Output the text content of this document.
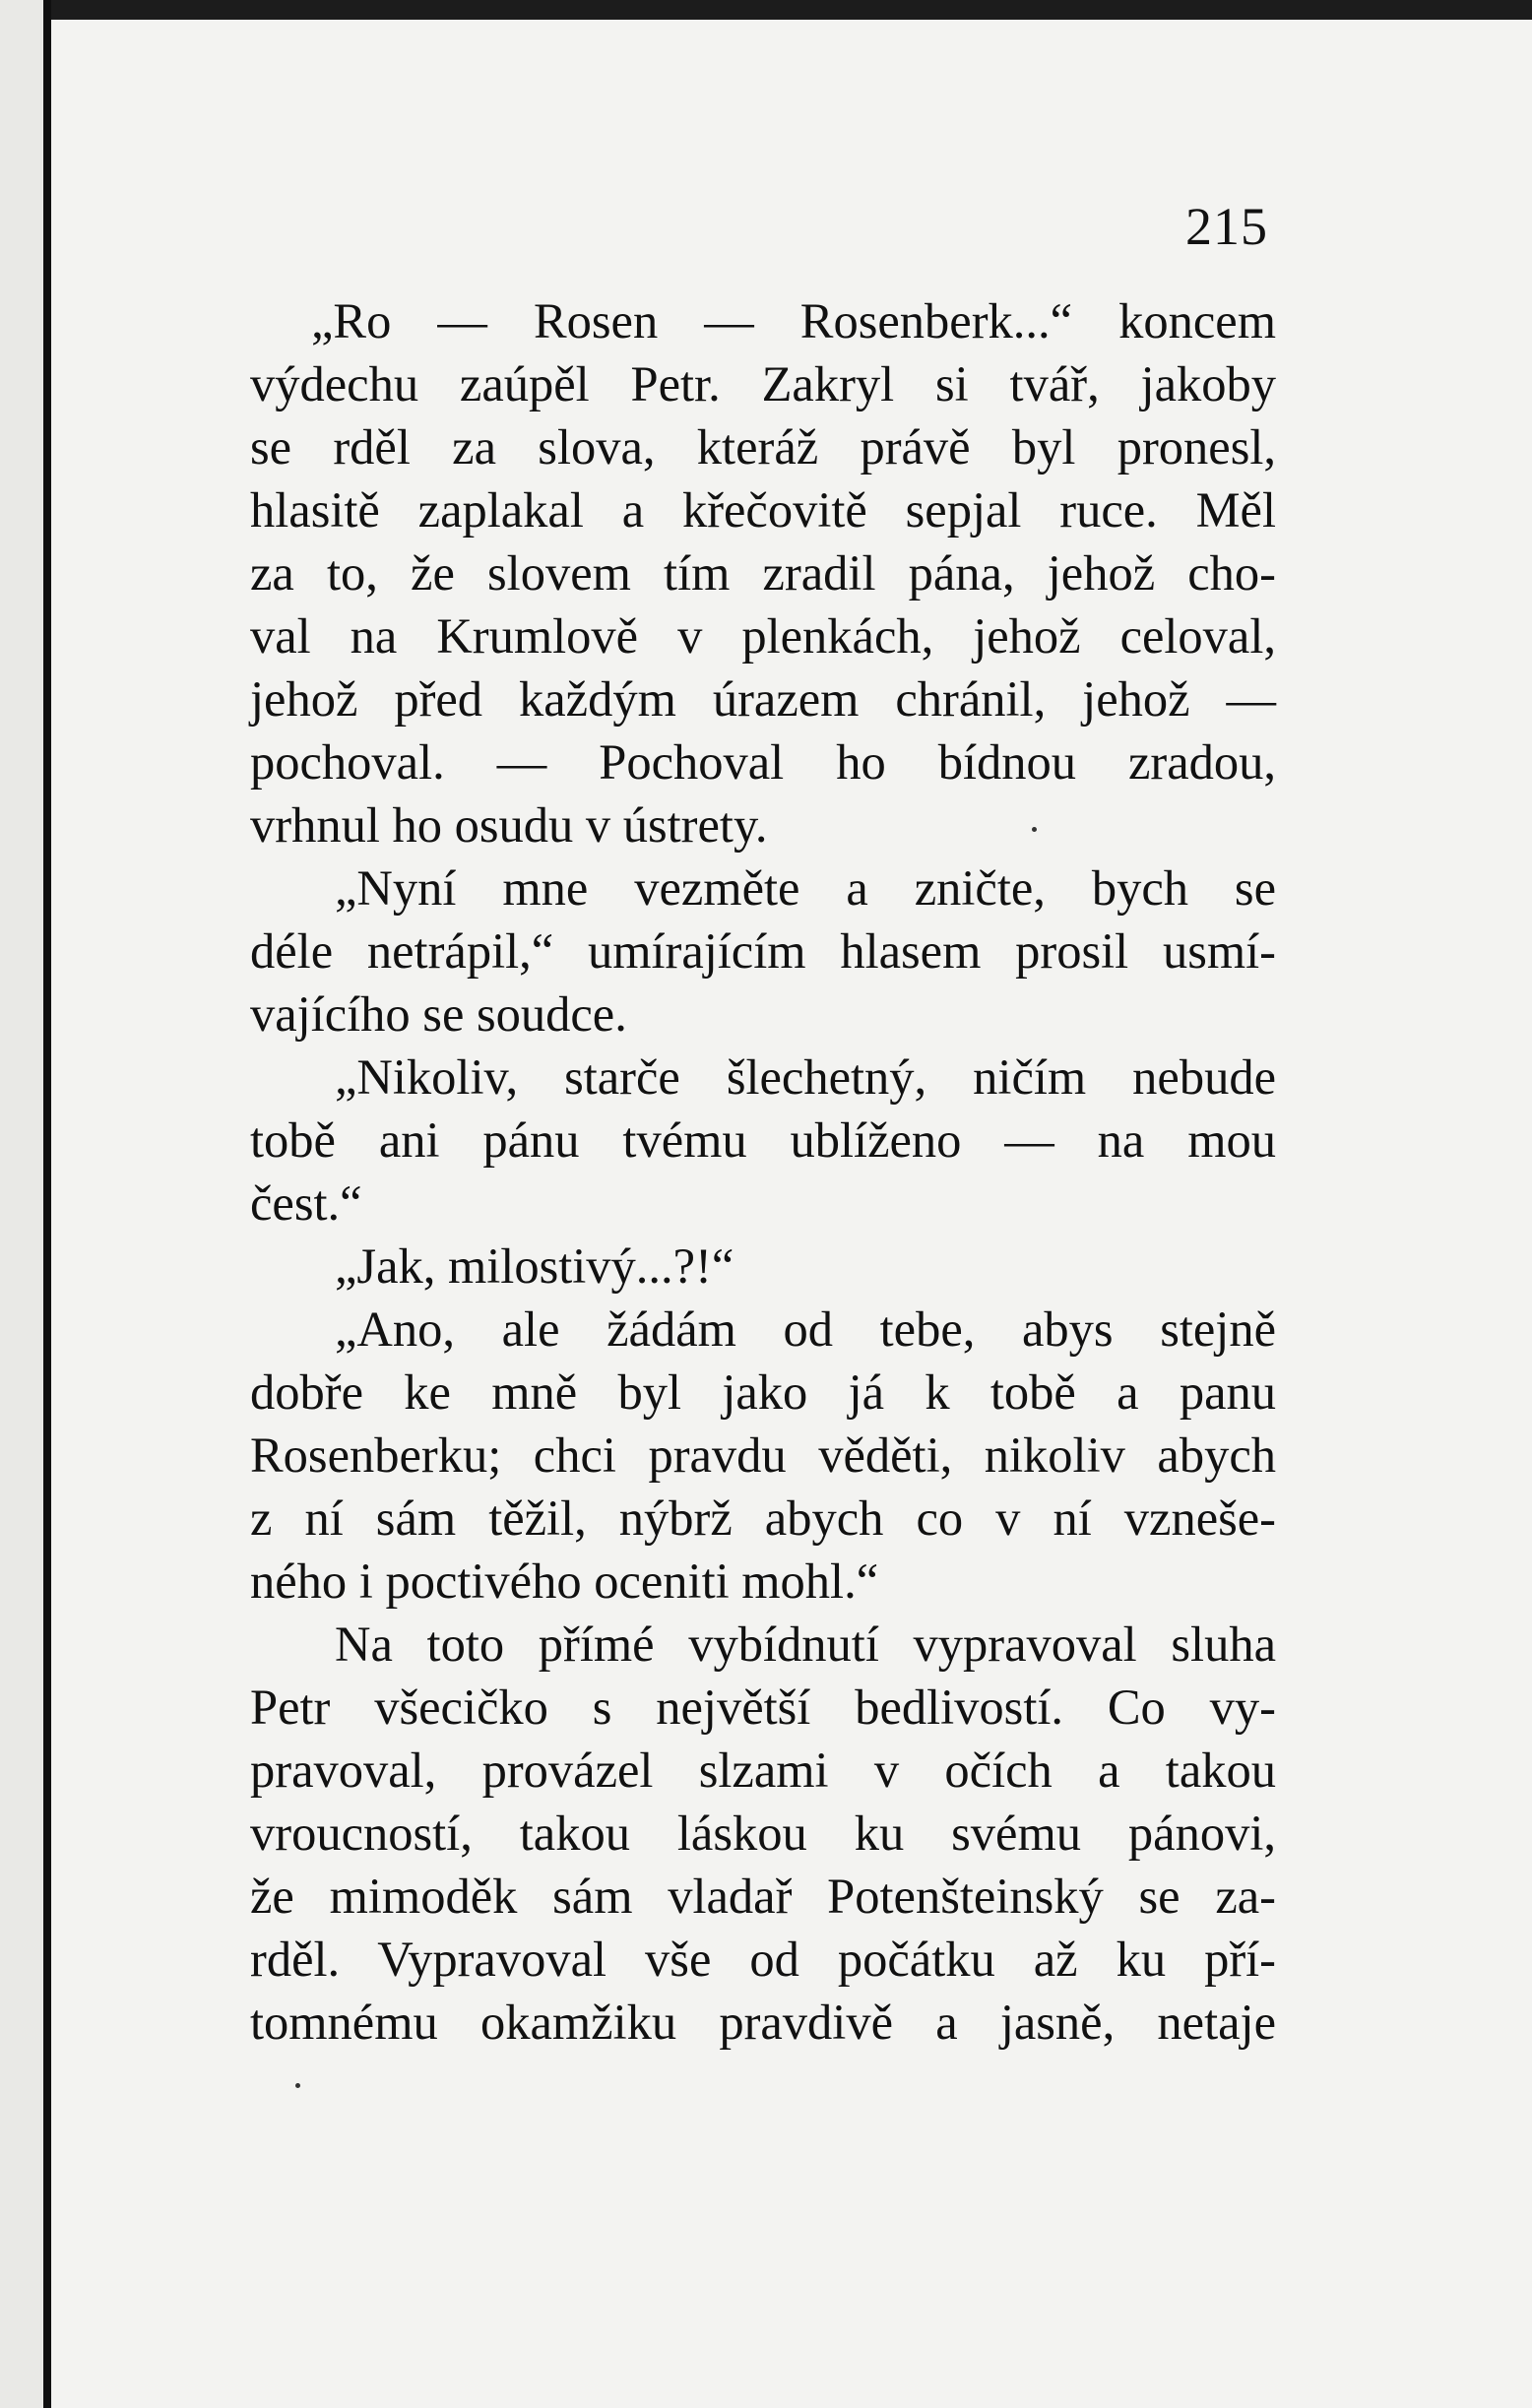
215
„Ro — Rosen — Rosenberk...“ koncem
výdechu zaúpěl Petr. Zakryl si tvář, jakoby
se rděl za slova, kteráž právě byl pronesl,
hlasitě zaplakal a křečovitě sepjal ruce. Měl
za to, že slovem tím zradil pána, jehož cho-
val na Krumlově v plenkách, jehož celoval,
jehož před každým úrazem chránil, jehož —
pochoval. — Pochoval ho bídnou zradou,
vrhnul ho osudu v ústrety.
„Nyní mne vezměte a zničte, bych se
déle netrápil,“ umírajícím hlasem prosil usmí-
vajícího se soudce.
„Nikoliv, starče šlechetný, ničím nebude
tobě ani pánu tvému ublíženo — na mou
čest.“
„Jak, milostivý...?!“
„Ano, ale žádám od tebe, abys stejně
dobře ke mně byl jako já k tobě a panu
Rosenberku; chci pravdu věděti, nikoliv abych
z ní sám těžil, nýbrž abych co v ní vzneše-
ného i poctivého oceniti mohl.“
Na toto přímé vybídnutí vypravoval sluha
Petr všecičko s největší bedlivostí. Co vy-
pravoval, provázel slzami v očích a takou
vroucností, takou láskou ku svému pánovi,
že mimoděk sám vladař Potenšteinský se za-
rděl. Vypravoval vše od počátku až ku pří-
tomnému okamžiku pravdivě a jasně, netaje
